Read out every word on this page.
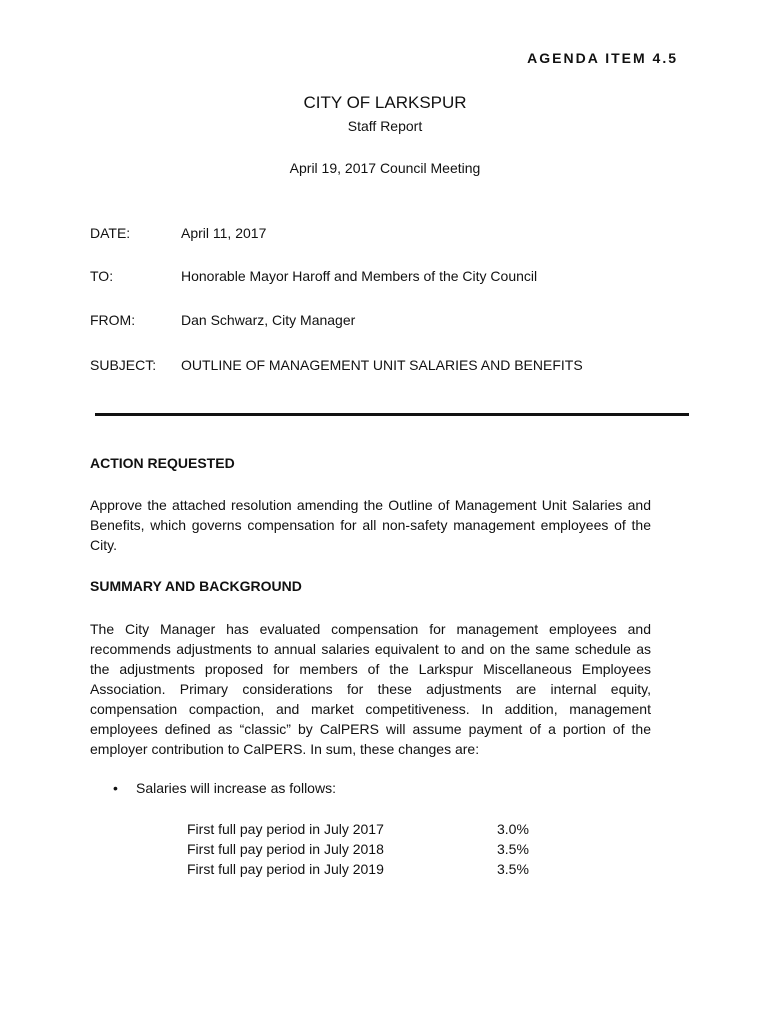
AGENDA ITEM 4.5
CITY OF LARKSPUR
Staff Report
April 19, 2017 Council Meeting
DATE:	April 11, 2017
TO:	Honorable Mayor Haroff and Members of the City Council
FROM:	Dan Schwarz, City Manager
SUBJECT: OUTLINE OF MANAGEMENT UNIT SALARIES AND BENEFITS
ACTION REQUESTED
Approve the attached resolution amending the Outline of Management Unit Salaries and Benefits, which governs compensation for all non-safety management employees of the City.
SUMMARY AND BACKGROUND
The City Manager has evaluated compensation for management employees and recommends adjustments to annual salaries equivalent to and on the same schedule as the adjustments proposed for members of the Larkspur Miscellaneous Employees Association. Primary considerations for these adjustments are internal equity, compensation compaction, and market competitiveness. In addition, management employees defined as “classic” by CalPERS will assume payment of a portion of the employer contribution to CalPERS. In sum, these changes are:
• Salaries will increase as follows:
First full pay period in July 2017	3.0%
First full pay period in July 2018	3.5%
First full pay period in July 2019	3.5%
